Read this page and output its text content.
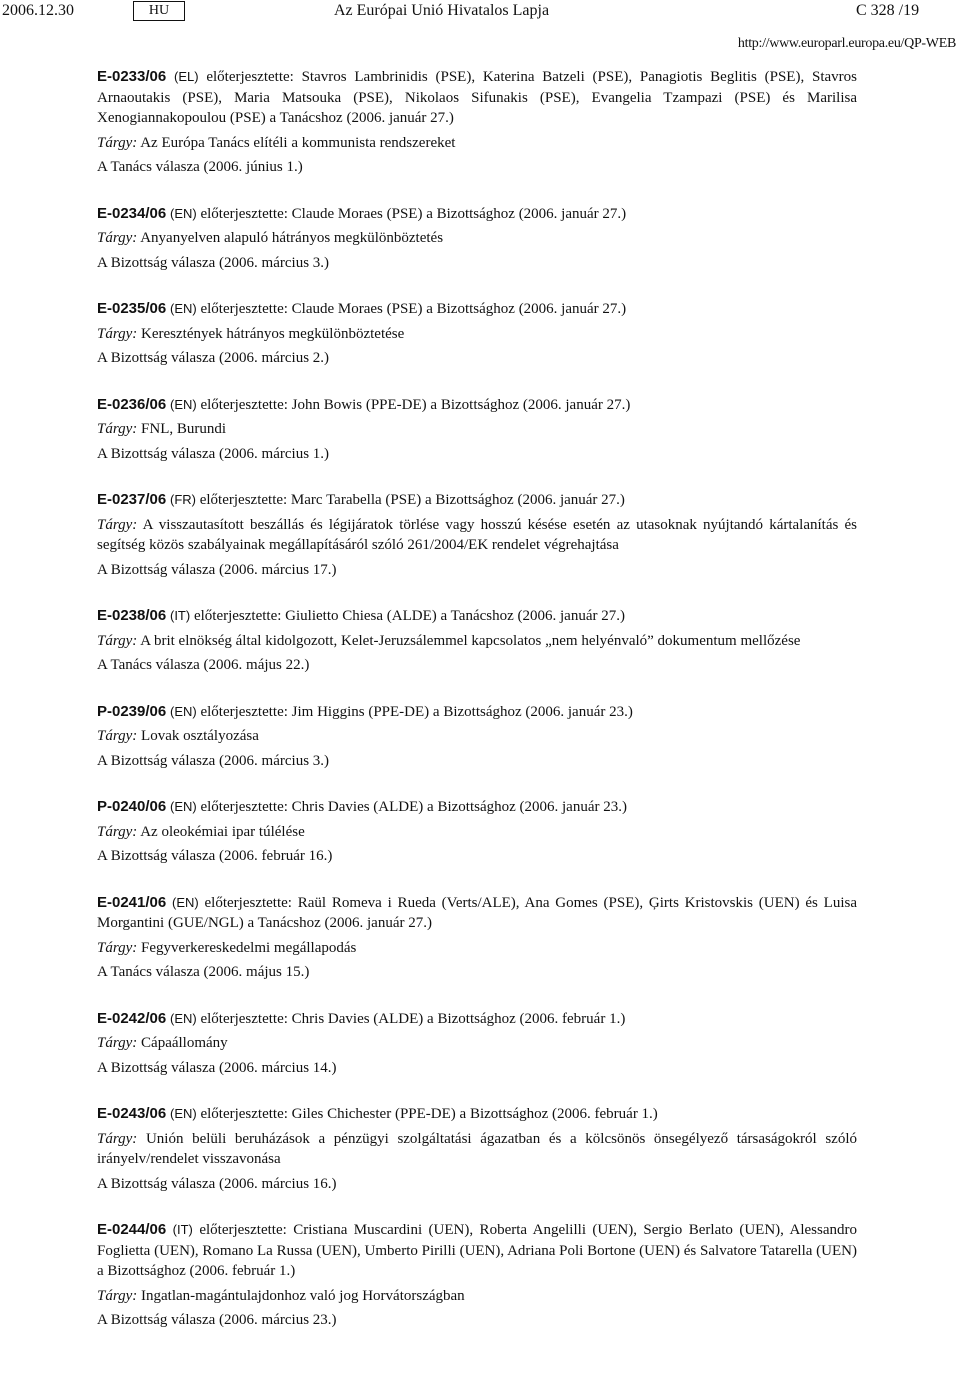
2006.12.30	HU	Az Európai Unió Hivatalos Lapja	C 328 /19
http://www.europarl.europa.eu/QP-WEB

E-0233/06 (EL) előterjesztette: Stavros Lambrinidis (PSE), Katerina Batzeli (PSE), Panagiotis Beglitis (PSE), Stavros Arnaoutakis (PSE), Maria Matsouka (PSE), Nikolaos Sifunakis (PSE), Evangelia Tzampazi (PSE) és Marilisa Xenogiannakopoulou (PSE) a Tanácshoz (2006. január 27.)

Tárgy: Az Európa Tanács elítéli a kommunista rendszereket

A Tanács válasza (2006. június 1.)

E-0234/06 (EN) előterjesztette: Claude Moraes (PSE) a Bizottsághoz (2006. január 27.)

Tárgy: Anyanyelven alapuló hátrányos megkülönböztetés

A Bizottság válasza (2006. március 3.)

E-0235/06 (EN) előterjesztette: Claude Moraes (PSE) a Bizottsághoz (2006. január 27.)

Tárgy: Keresztények hátrányos megkülönböztetése

A Bizottság válasza (2006. március 2.)

E-0236/06 (EN) előterjesztette: John Bowis (PPE-DE) a Bizottsághoz (2006. január 27.)

Tárgy: FNL, Burundi

A Bizottság válasza (2006. március 1.)

E-0237/06 (FR) előterjesztette: Marc Tarabella (PSE) a Bizottsághoz (2006. január 27.)

Tárgy: A visszautasított beszállás és légijáratok törlése vagy hosszú késése esetén az utasoknak nyújtandó kártalanítás és segítség közös szabályainak megállapításáról szóló 261/2004/EK rendelet végrehajtása

A Bizottság válasza (2006. március 17.)

E-0238/06 (IT) előterjesztette: Giulietto Chiesa (ALDE) a Tanácshoz (2006. január 27.)

Tárgy: A brit elnökség által kidolgozott, Kelet-Jeruzsálemmel kapcsolatos „nem helyénvaló” dokumentum mellőzése

A Tanács válasza (2006. május 22.)

P-0239/06 (EN) előterjesztette: Jim Higgins (PPE-DE) a Bizottsághoz (2006. január 23.)

Tárgy: Lovak osztályozása

A Bizottság válasza (2006. március 3.)

P-0240/06 (EN) előterjesztette: Chris Davies (ALDE) a Bizottsághoz (2006. január 23.)

Tárgy: Az oleokémiai ipar túlélése

A Bizottság válasza (2006. február 16.)

E-0241/06 (EN) előterjesztette: Raül Romeva i Rueda (Verts/ALE), Ana Gomes (PSE), Ģirts Kristovskis (UEN) és Luisa Morgantini (GUE/NGL) a Tanácshoz (2006. január 27.)

Tárgy: Fegyverkereskedelmi megállapodás

A Tanács válasza (2006. május 15.)

E-0242/06 (EN) előterjesztette: Chris Davies (ALDE) a Bizottsághoz (2006. február 1.)

Tárgy: Cápaállomány

A Bizottság válasza (2006. március 14.)

E-0243/06 (EN) előterjesztette: Giles Chichester (PPE-DE) a Bizottsághoz (2006. február 1.)

Tárgy: Unión belüli beruházások a pénzügyi szolgáltatási ágazatban és a kölcsönös önsegélyező társaságokról szóló irányelv/rendelet visszavonása

A Bizottság válasza (2006. március 16.)

E-0244/06 (IT) előterjesztette: Cristiana Muscardini (UEN), Roberta Angelilli (UEN), Sergio Berlato (UEN), Alessandro Foglietta (UEN), Romano La Russa (UEN), Umberto Pirilli (UEN), Adriana Poli Bortone (UEN) és Salvatore Tatarella (UEN) a Bizottsághoz (2006. február 1.)

Tárgy: Ingatlan-magántulajdonhoz való jog Horvátországban

A Bizottság válasza (2006. március 23.)
